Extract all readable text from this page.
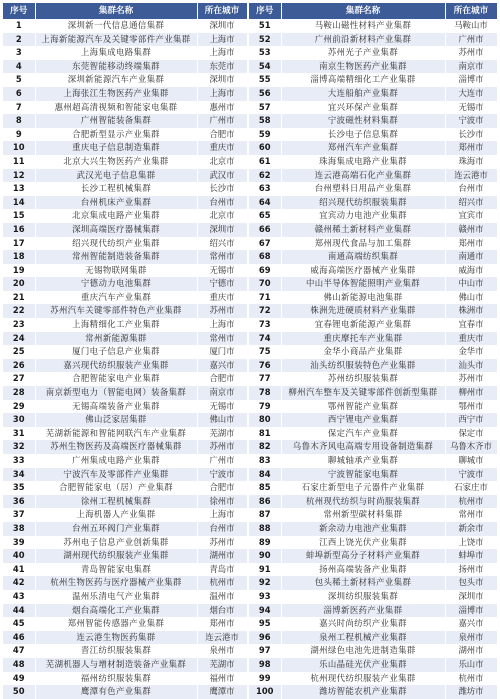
序号	集群名称	所在城市
1	深圳新一代信息通信集群	深圳市
2	上海新能源汽车及关键零部件产业集群	上海市
3	上海集成电路集群	上海市
4	东莞智能移动终端集群	东莞市
5	深圳新能源汽车产业集群	深圳市
6	上海张江生物医药产业集群	上海市
7	惠州超高清视频和智能家电集群	惠州市
8	广州智能装备集群	广州市
9	合肥新型显示产业集群	合肥市
10	重庆电子信息制造集群	重庆市
11	北京大兴生物医药产业集群	北京市
12	武汉光电子信息集群	武汉市
13	长沙工程机械集群	长沙市
14	台州机床产业集群	台州市
15	北京集成电路产业集群	北京市
16	深圳高端医疗器械集群	深圳市
17	绍兴现代纺织产业集群	绍兴市
18	常州智能制造装备集群	常州市
19	无锡物联网集群	无锡市
20	宁德动力电池集群	宁德市
21	重庆汽车产业集群	重庆市
22	苏州汽车关键零部件特色产业集群	苏州市
23	上海精细化工产业集群	上海市
24	常州新能源集群	常州市
25	厦门电子信息产业集群	厦门市
26	嘉兴现代纺织服装产业集群	嘉兴市
27	合肥智能家电产业集群	合肥市
28	南京新型电力（智能电网）装备集群	南京市
29	无锡高端装备产业集群	无锡市
30	佛山泛家居集群	佛山市
31	芜湖新能源和智能网联汽车产业集群	芜湖市
32	苏州生物医药及高端医疗器械集群	苏州市
33	广州集成电路产业集群	广州市
34	宁波汽车及零部件产业集群	宁波市
35	合肥智能家电（居）产业集群	合肥市
36	徐州工程机械集群	徐州市
37	上海机器人产业集群	上海市
38	台州五环阀门产业集群	台州市
39	苏州电子信息产业创新集群	苏州市
40	湖州现代纺织服装产业集群	湖州市
41	青岛智能家电集群	青岛市
42	杭州生物医药与医疗器械产业集群	杭州市
43	温州乐清电气产业集群	温州市
44	烟台高端化工产业集群	烟台市
45	郑州智能传感器产业集群	郑州市
46	连云港生物医药集群	连云港市
47	晋江纺织服装集群	泉州市
48	芜湖机器人与增材制造装备产业集群	芜湖市
49	福州纺织服装集群	福州市
50	鹰潭有色产业集群	鹰潭市
序号	集群名称	所在城市
51	马鞍山磁性材料产业集群	马鞍山市
52	广州前沿新材料产业集群	广州市
53	苏州光子产业集群	苏州市
54	南京生物医药产业集群	南京市
55	淄博高端精细化工产业集群	淄博市
56	大连船舶产业集群	大连市
57	宜兴环保产业集群	无锡市
58	宁波磁性材料集群	宁波市
59	长沙电子信息集群	长沙市
60	郑州汽车产业集群	郑州市
61	珠海集成电路产业集群	珠海市
62	连云港高端石化产业集群	连云港市
63	台州塑料日用品产业集群	台州市
64	绍兴现代纺织服装集群	绍兴市
65	宜宾动力电池产业集群	宜宾市
66	赣州稀土新材料产业集群	赣州市
67	郑州现代食品与加工集群	郑州市
68	南通高端纺织集群	南通市
69	威海高端医疗器械产业集群	威海市
70	中山半导体智能照明产业集群	中山市
71	佛山新能源电池集群	佛山市
72	株洲先进硬质材料产业集群	株洲市
73	宜春锂电新能源产业集群	宜春市
74	重庆摩托车产业集群	重庆市
75	金华小商品产业集群	金华市
76	汕头纺织服装特色产业集群	汕头市
77	苏州纺织服装集群	苏州市
78	柳州汽车整车及关键零部件创新型集群	柳州市
79	鄂州智能产业集群	鄂州市
80	西宁锂电产业集群	西宁市
81	保定汽车产业集群	保定市
82	乌鲁木齐风电高端专用设备制造集群	乌鲁木齐市
83	聊城轴承产业集群	聊城市
84	宁波智能家电集群	宁波市
85	石家庄新型电子元器件产业集群	石家庄市
86	杭州现代纺织与时尚服装集群	杭州市
87	常州新型碳材料集群	常州市
88	新余动力电池产业集群	新余市
89	江西上饶光伏产业集群	上饶市
90	蚌埠新型高分子材料产业集群	蚌埠市
91	扬州高端装备产业集群	扬州市
92	包头稀土新材料产业集群	包头市
93	深圳纺织服装集群	深圳市
94	淄博新医药产业集群	淄博市
95	嘉兴时尚纺织产业集群	嘉兴市
96	泉州工程机械产业集群	泉州市
97	湖州绿色电池先进制造集群	湖州市
98	乐山晶硅光伏产业集群	乐山市
99	杭州现代纺织服装产业集群	杭州市
100	潍坊智能农机产业集群	潍坊市
